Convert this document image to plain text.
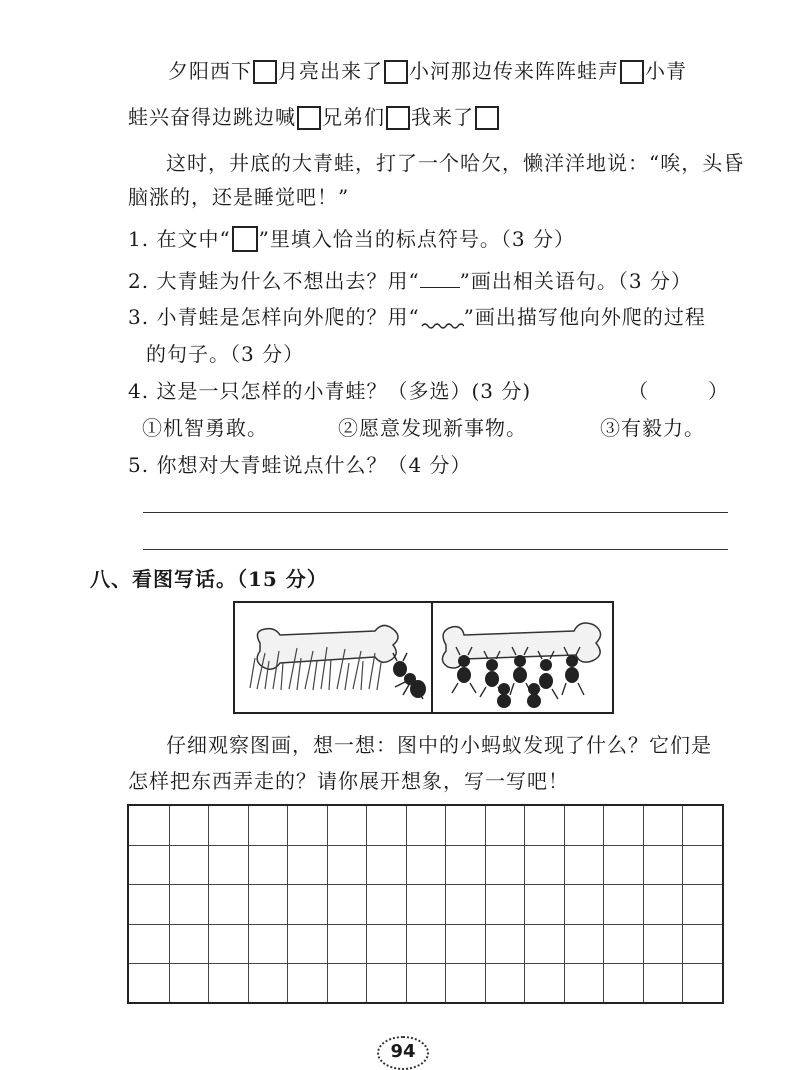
夕阳西下 月亮出来了 小河那边传来阵阵蛙声 小青
蛙兴奋得边跳边喊 兄弟们 我来了
这时，井底的大青蛙，打了一个哈欠，懒洋洋地说：“唉，头昏
脑涨的，还是睡觉吧！”
1. 在文中“ ”里填入恰当的标点符号。（3 分）
2. 大青蛙为什么不想出去？用“ ”画出相关语句。（3 分）
3. 小青蛙是怎样向外爬的？用“ ”画出描写他向外爬的过程
的句子。（3 分）
4. 这是一只怎样的小青蛙？（多选）(3 分)	（	）
①机智勇敢。	②愿意发现新事物。	③有毅力。
5. 你想对大青蛙说点什么？（4 分）
八、看图写话。（15 分）
仔细观察图画，想一想：图中的小蚂蚁发现了什么？它们是
怎样把东西弄走的？请你展开想象，写一写吧！
94
